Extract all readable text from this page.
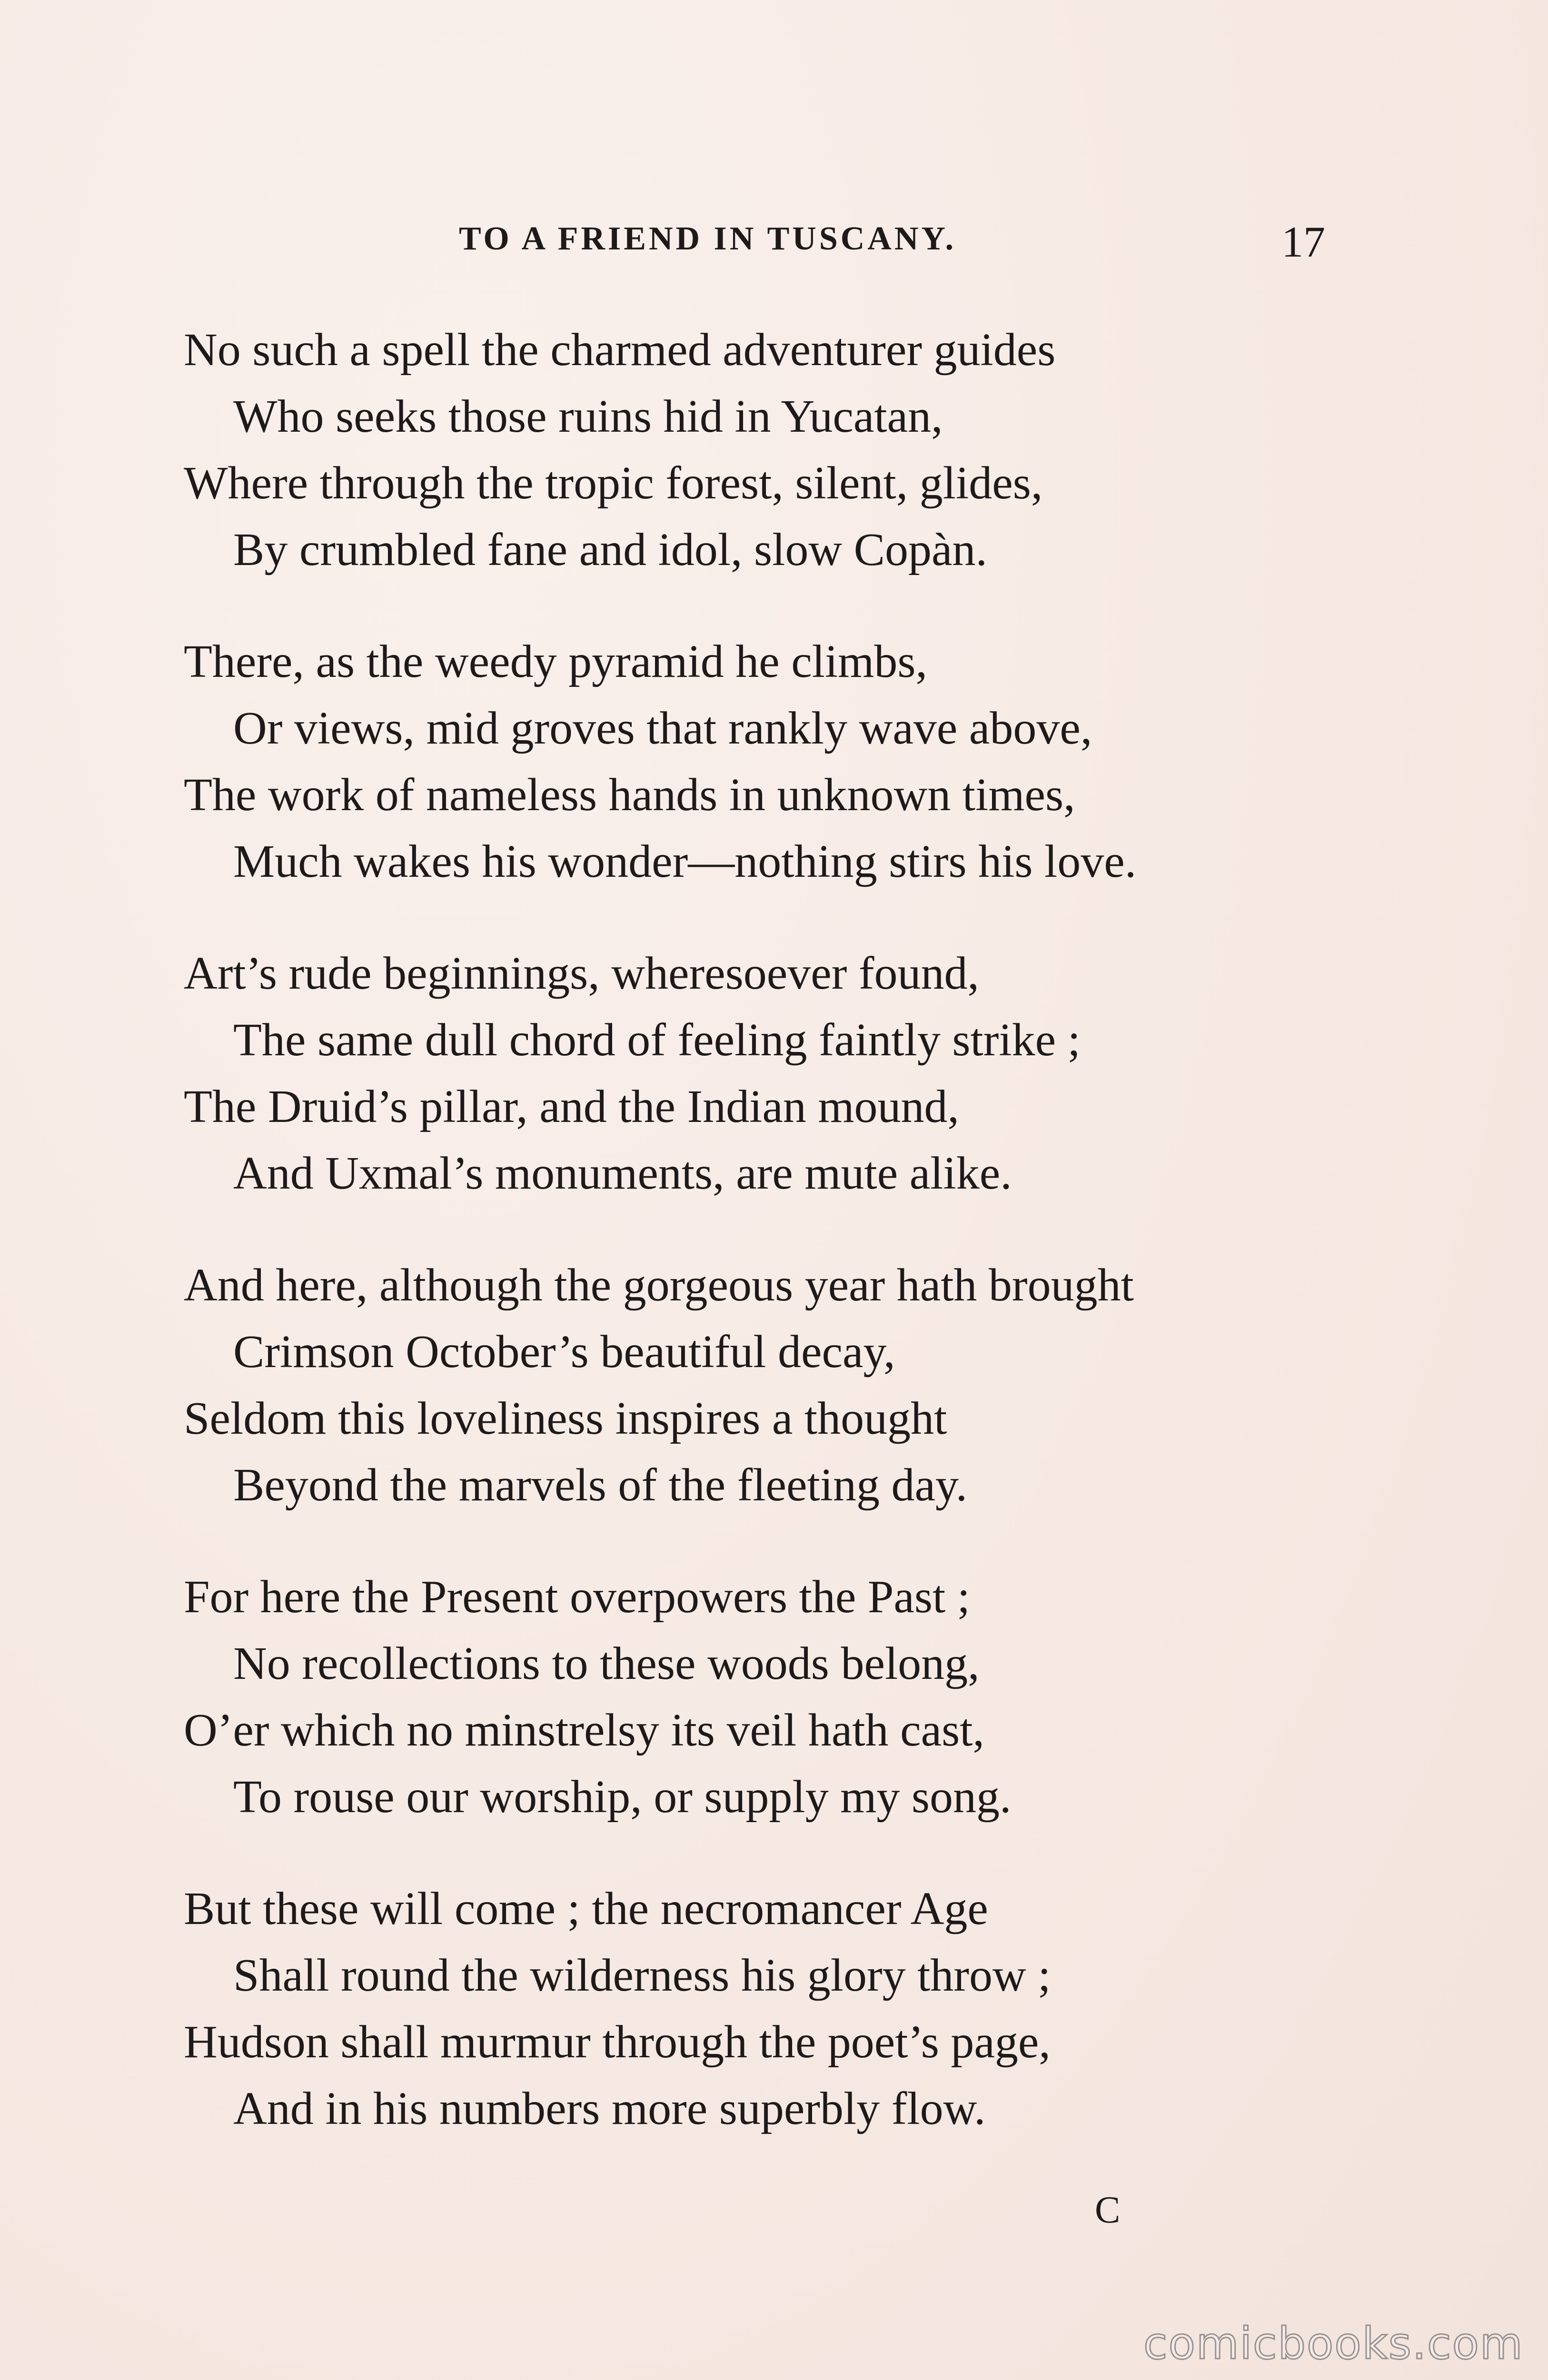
TO A FRIEND IN TUSCANY.	17
No such a spell the charmed adventurer guides
Who seeks those ruins hid in Yucatan,
Where through the tropic forest, silent, glides,
By crumbled fane and idol, slow Copàn.
There, as the weedy pyramid he climbs,
Or views, mid groves that rankly wave above,
The work of nameless hands in unknown times,
Much wakes his wonder—nothing stirs his love.
Art’s rude beginnings, wheresoever found,
The same dull chord of feeling faintly strike ;
The Druid’s pillar, and the Indian mound,
And Uxmal’s monuments, are mute alike.
And here, although the gorgeous year hath brought
Crimson October’s beautiful decay,
Seldom this loveliness inspires a thought
Beyond the marvels of the fleeting day.
For here the Present overpowers the Past ;
No recollections to these woods belong,
O’er which no minstrelsy its veil hath cast,
To rouse our worship, or supply my song.
But these will come ; the necromancer Age
Shall round the wilderness his glory throw ;
Hudson shall murmur through the poet’s page,
And in his numbers more superbly flow.
C
comicbooks.com
